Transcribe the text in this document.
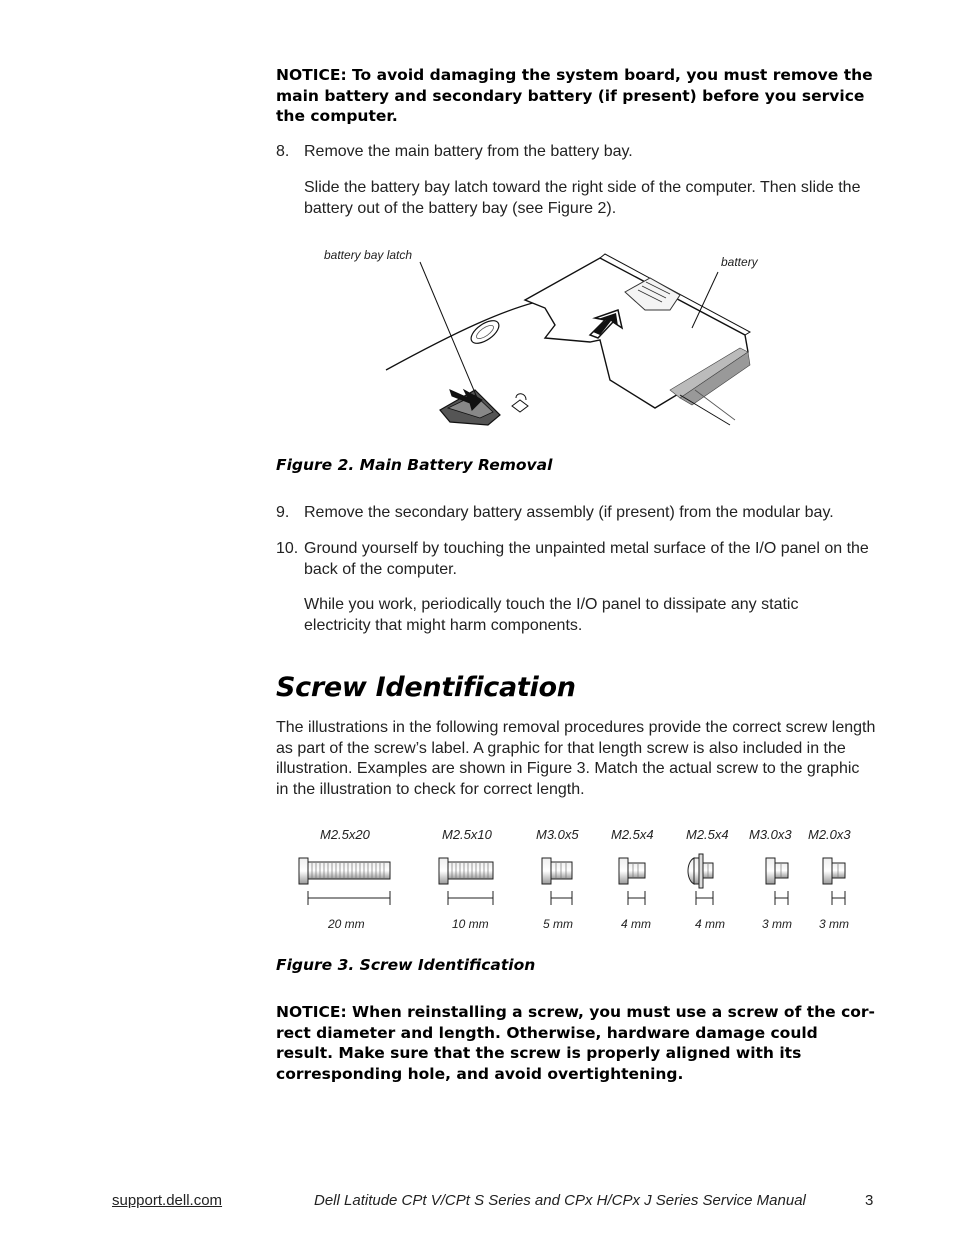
NOTICE: To avoid damaging the system board, you must remove the main battery and secondary battery (if present) before you service the computer.
8. Remove the main battery from the battery bay.
Slide the battery bay latch toward the right side of the computer. Then slide the battery out of the battery bay (see Figure 2).
battery bay latch	battery
Figure 2. Main Battery Removal
9. Remove the secondary battery assembly (if present) from the modular bay.
10. Ground yourself by touching the unpainted metal surface of the I/O panel on the back of the computer.
While you work, periodically touch the I/O panel to dissipate any static electricity that might harm components.
Screw Identification
The illustrations in the following removal procedures provide the correct screw length as part of the screw’s label. A graphic for that length screw is also included in the illustration. Examples are shown in Figure 3. Match the actual screw to the graphic in the illustration to check for correct length.
M2.5x20	M2.5x10	M3.0x5 M2.5x4 M2.5x4 M3.0x3 M2.0x3
20 mm	10 mm	5 mm	4 mm	4 mm	3 mm 3 mm
Figure 3. Screw Identification
NOTICE: When reinstalling a screw, you must use a screw of the cor-rect diameter and length. Otherwise, hardware damage could result. Make sure that the screw is properly aligned with its corresponding hole, and avoid overtightening.
support.dell.com	Dell Latitude CPt V/CPt S Series and CPx H/CPx J Series Service Manual	3
